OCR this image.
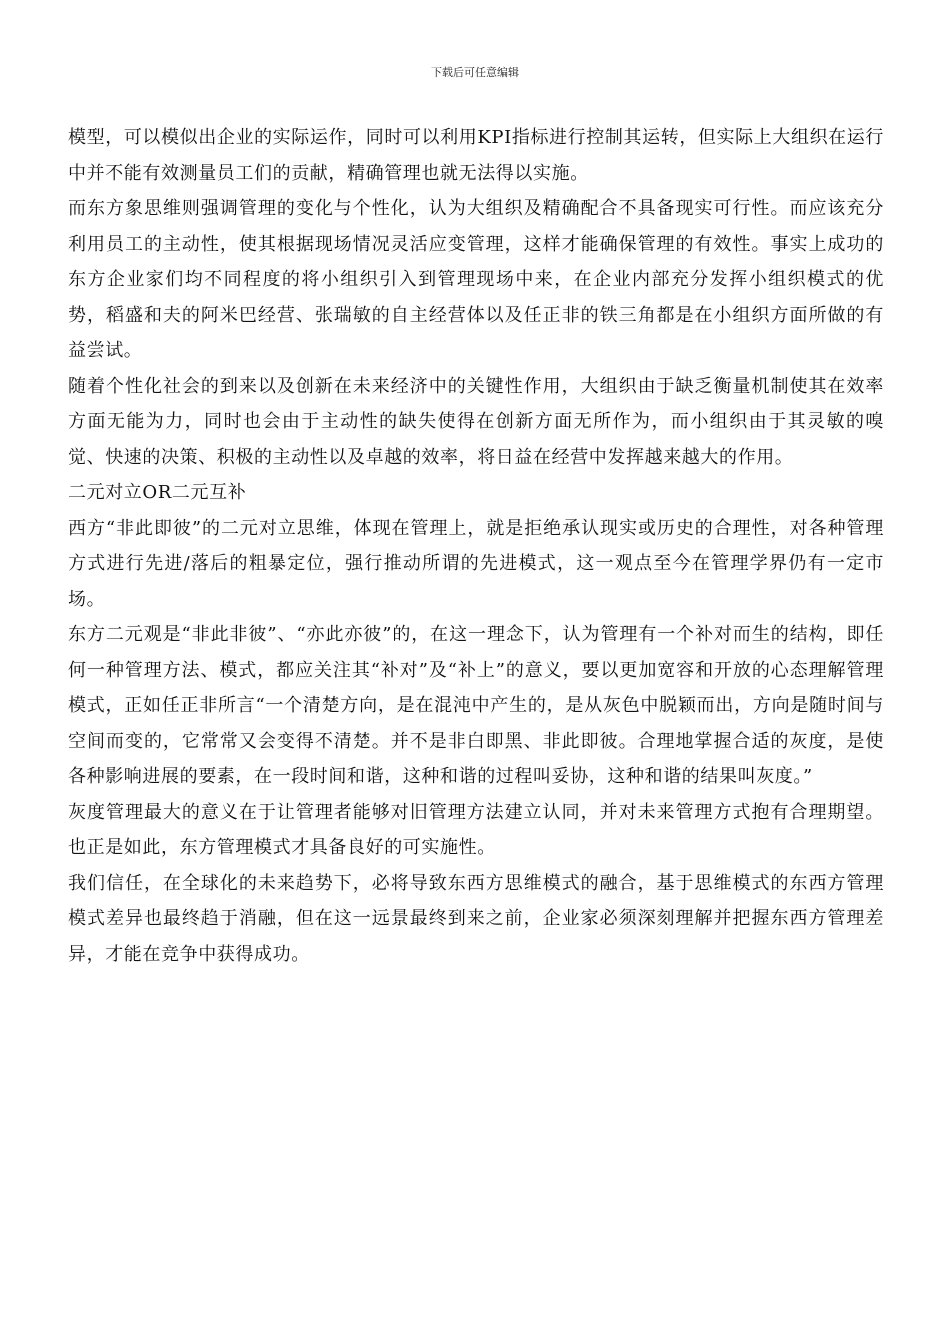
下载后可任意编辑

模型，可以模似出企业的实际运作，同时可以利用KPI指标进行控制其运转，但实际上大组织在运行中并不能有效测量员工们的贡献，精确管理也就无法得以实施。

而东方象思维则强调管理的变化与个性化，认为大组织及精确配合不具备现实可行性。而应该充分利用员工的主动性，使其根据现场情况灵活应变管理，这样才能确保管理的有效性。事实上成功的东方企业家们均不同程度的将小组织引入到管理现场中来，在企业内部充分发挥小组织模式的优势，稻盛和夫的阿米巴经营、张瑞敏的自主经营体以及任正非的铁三角都是在小组织方面所做的有益尝试。

随着个性化社会的到来以及创新在未来经济中的关键性作用，大组织由于缺乏衡量机制使其在效率方面无能为力，同时也会由于主动性的缺失使得在创新方面无所作为，而小组织由于其灵敏的嗅觉、快速的决策、积极的主动性以及卓越的效率，将日益在经营中发挥越来越大的作用。

二元对立OR二元互补

西方“非此即彼”的二元对立思维，体现在管理上，就是拒绝承认现实或历史的合理性，对各种管理方式进行先进/落后的粗暴定位，强行推动所谓的先进模式，这一观点至今在管理学界仍有一定市场。

东方二元观是“非此非彼”、“亦此亦彼”的，在这一理念下，认为管理有一个补对而生的结构，即任何一种管理方法、模式，都应关注其“补对”及“补上”的意义，要以更加宽容和开放的心态理解管理模式，正如任正非所言“一个清楚方向，是在混沌中产生的，是从灰色中脱颖而出，方向是随时间与空间而变的，它常常又会变得不清楚。并不是非白即黑、非此即彼。合理地掌握合适的灰度，是使各种影响进展的要素，在一段时间和谐，这种和谐的过程叫妥协，这种和谐的结果叫灰度。”

灰度管理最大的意义在于让管理者能够对旧管理方法建立认同，并对未来管理方式抱有合理期望。也正是如此，东方管理模式才具备良好的可实施性。

我们信任，在全球化的未来趋势下，必将导致东西方思维模式的融合，基于思维模式的东西方管理模式差异也最终趋于消融，但在这一远景最终到来之前，企业家必须深刻理解并把握东西方管理差异，才能在竞争中获得成功。
